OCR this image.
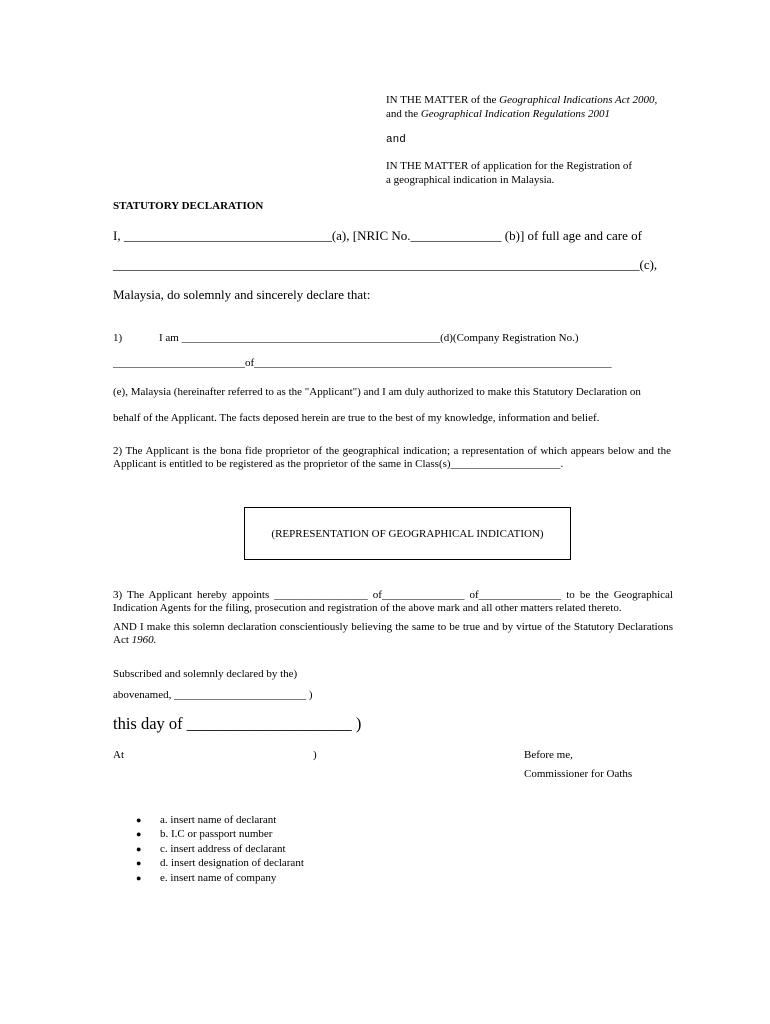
IN THE MATTER of the Geographical Indications Act 2000,
and the Geographical Indication Regulations 2001
and
IN THE MATTER of application for the Registration of
a geographical indication in Malaysia.
STATUTORY DECLARATION
I, ________________________________(a), [NRIC No.______________ (b)] of full age and care of
_________________________________________________________________________________(c),
Malaysia, do solemnly and sincerely declare that:
1)	I am _______________________________________________(d)(Company Registration No.)
________________________of_________________________________________________________________
(e), Malaysia (hereinafter referred to as the "Applicant") and I am duly authorized to make this Statutory Declaration on
behalf of the Applicant. The facts deposed herein are true to the best of my knowledge, information and belief.
2) The Applicant is the bona fide proprietor of the geographical indication; a representation of which appears below and the Applicant is entitled to be registered as the proprietor of the same in Class(s)____________________.
(REPRESENTATION OF GEOGRAPHICAL INDICATION)
3) The Applicant hereby appoints _________________ of_______________ of_______________ to be the Geographical Indication Agents for the filing, prosecution and registration of the above mark and all other matters related thereto.
AND I make this solemn declaration conscientiously believing the same to be true and by virtue of the Statutory Declarations Act 1960.
Subscribed and solemnly declared by the)
abovenamed, ________________________ )
this day of ____________________ )
At	)	Before me,
Commissioner for Oaths
● a. insert name of declarant
● b. I.C or passport number
● c. insert address of declarant
● d. insert designation of declarant
● e. insert name of company
